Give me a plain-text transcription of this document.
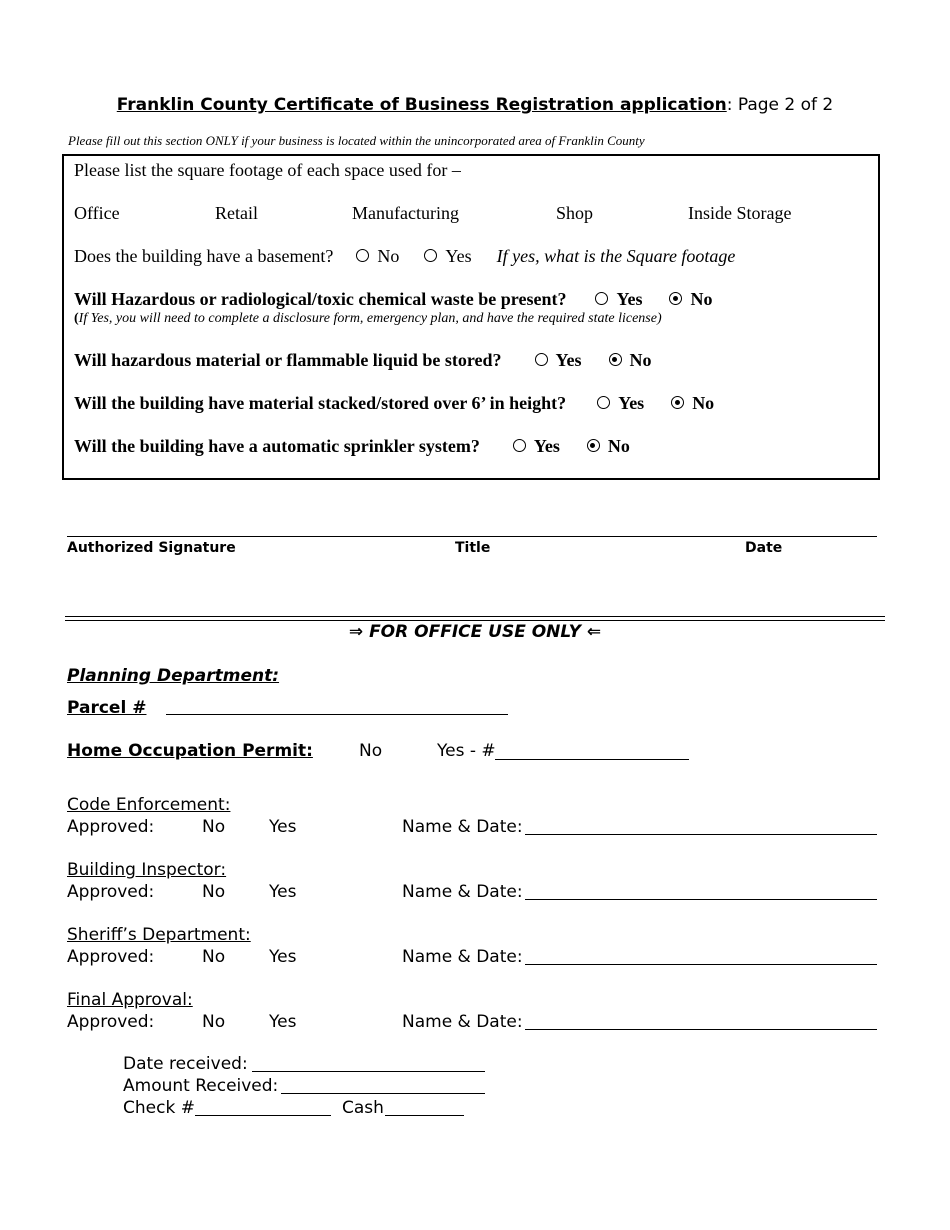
Franklin County Certificate of Business Registration application: Page 2 of 2
Please fill out this section ONLY if your business is located within the unincorporated area of Franklin County
Please list the square footage of each space used for –
Office	Retail	Manufacturing	Shop	Inside Storage
Does the building have a basement? No	Yes If yes, what is the Square footage
Will Hazardous or radiological/toxic chemical waste be present?	Yes	No
(If Yes, you will need to complete a disclosure form, emergency plan, and have the required state license)
Will hazardous material or flammable liquid be stored?	Yes	No
Will the building have material stacked/stored over 6’ in height?	Yes	No
Will the building have a automatic sprinkler system?	Yes	No
Authorized Signature	Title	Date
⇒ FOR OFFICE USE ONLY ⇐
Planning Department:
Parcel #
Home Occupation Permit:	No	Yes - #
Code Enforcement:
Approved:	No	Yes	Name & Date:
Building Inspector:
Approved:	No	Yes	Name & Date:
Sheriff’s Department:
Approved:	No	Yes	Name & Date:
Final Approval:
Approved:	No	Yes	Name & Date:
Date received:
Amount Received:
Check #	Cash
